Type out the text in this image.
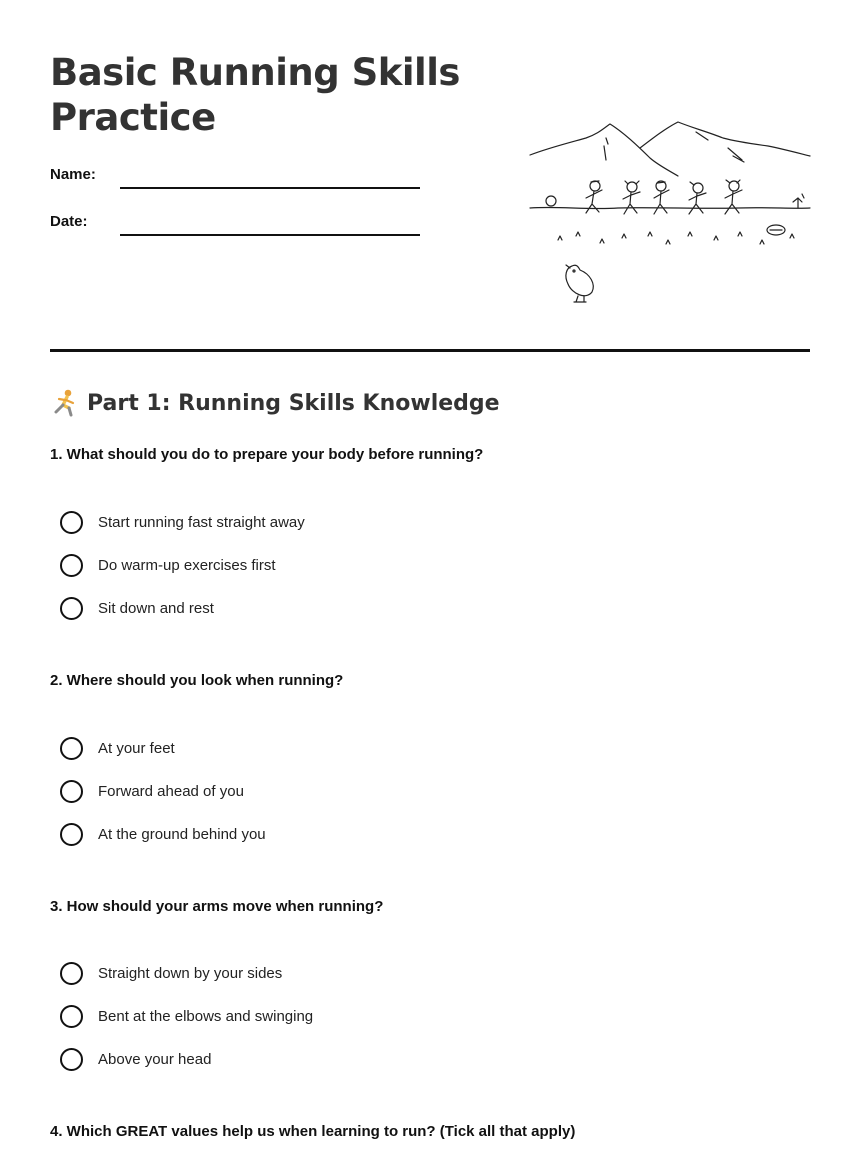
Basic Running Skills Practice
Name:
Date:
Part 1: Running Skills Knowledge
1. What should you do to prepare your body before running?
Start running fast straight away
Do warm-up exercises first
Sit down and rest
2. Where should you look when running?
At your feet
Forward ahead of you
At the ground behind you
3. How should your arms move when running?
Straight down by your sides
Bent at the elbows and swinging
Above your head
4. Which GREAT values help us when learning to run? (Tick all that apply)
